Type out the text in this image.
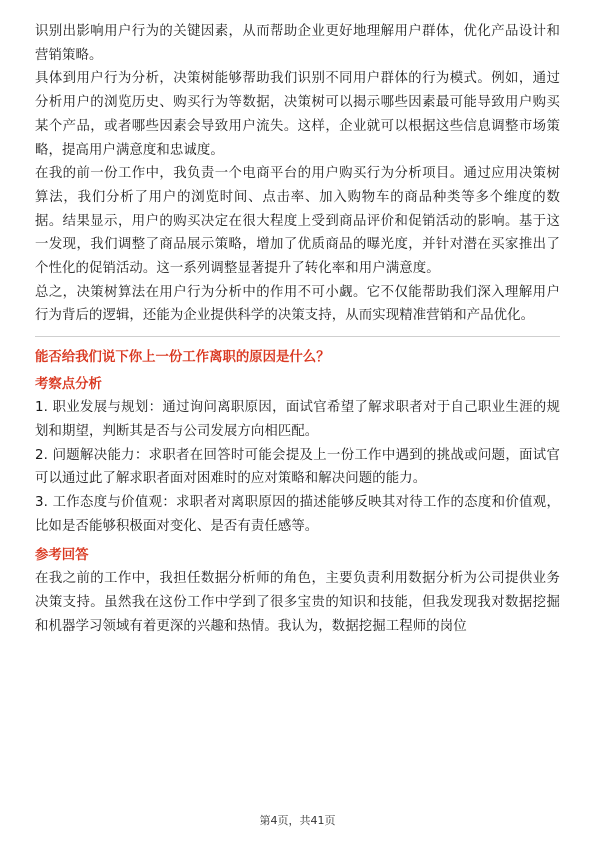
识别出影响用户行为的关键因素，从而帮助企业更好地理解用户群体，优化产品设计和营销策略。

具体到用户行为分析，决策树能够帮助我们识别不同用户群体的行为模式。例如，通过分析用户的浏览历史、购买行为等数据，决策树可以揭示哪些因素最可能导致用户购买某个产品，或者哪些因素会导致用户流失。这样，企业就可以根据这些信息调整市场策略，提高用户满意度和忠诚度。

在我的前一份工作中，我负责一个电商平台的用户购买行为分析项目。通过应用决策树算法，我们分析了用户的浏览时间、点击率、加入购物车的商品种类等多个维度的数据。结果显示，用户的购买决定在很大程度上受到商品评价和促销活动的影响。基于这一发现，我们调整了商品展示策略，增加了优质商品的曝光度，并针对潜在买家推出了个性化的促销活动。这一系列调整显著提升了转化率和用户满意度。

总之，决策树算法在用户行为分析中的作用不可小觑。它不仅能帮助我们深入理解用户行为背后的逻辑，还能为企业提供科学的决策支持，从而实现精准营销和产品优化。

能否给我们说下你上一份工作离职的原因是什么？
考察点分析

1. 职业发展与规划：通过询问离职原因，面试官希望了解求职者对于自己职业生涯的规划和期望，判断其是否与公司发展方向相匹配。

2. 问题解决能力：求职者在回答时可能会提及上一份工作中遇到的挑战或问题，面试官可以通过此了解求职者面对困难时的应对策略和解决问题的能力。

3. 工作态度与价值观：求职者对离职原因的描述能够反映其对待工作的态度和价值观，比如是否能够积极面对变化、是否有责任感等。

参考回答

在我之前的工作中，我担任数据分析师的角色，主要负责利用数据分析为公司提供业务决策支持。虽然我在这份工作中学到了很多宝贵的知识和技能，但我发现我对数据挖掘和机器学习领域有着更深的兴趣和热情。我认为，数据挖掘工程师的岗位

第4页，共41页
